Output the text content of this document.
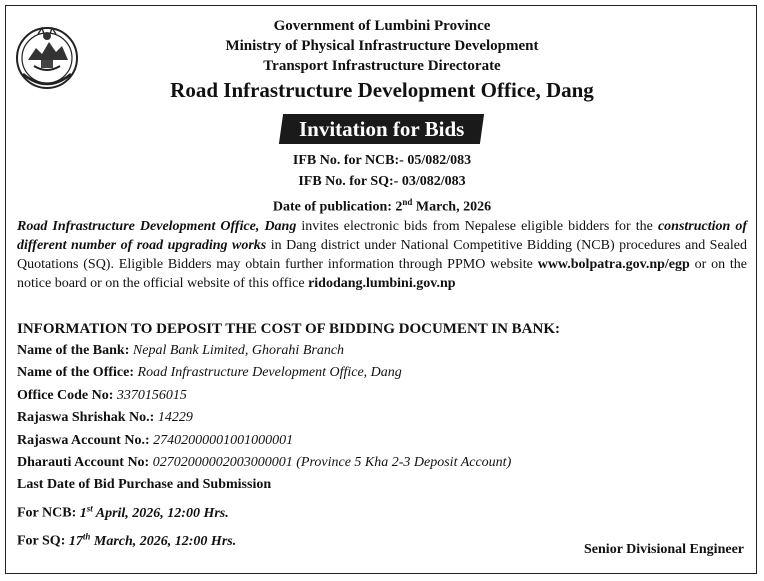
Government of Lumbini Province
Ministry of Physical Infrastructure Development
Transport Infrastructure Directorate
Road Infrastructure Development Office, Dang
Invitation for Bids
IFB No. for NCB:- 05/082/083
IFB No. for SQ:- 03/082/083
Date of publication: 2nd March, 2026

Road Infrastructure Development Office, Dang invites electronic bids from Nepalese eligible bidders for the construction of different number of road upgrading works in Dang district under National Competitive Bidding (NCB) procedures and Sealed Quotations (SQ). Eligible Bidders may obtain further information through PPMO website www.bolpatra.gov.np/egp or on the notice board or on the official website of this office ridodang.lumbini.gov.np
INFORMATION TO DEPOSIT THE COST OF BIDDING DOCUMENT IN BANK:
Name of the Bank: Nepal Bank Limited, Ghorahi Branch
Name of the Office: Road Infrastructure Development Office, Dang
Office Code No: 3370156015
Rajaswa Shrishak No.: 14229
Rajaswa Account No.: 27402000001001000001
Dharauti Account No: 02702000002003000001 (Province 5 Kha 2-3 Deposit Account)
Last Date of Bid Purchase and Submission
For NCB: 1st April, 2026, 12:00 Hrs.
For SQ: 17th March, 2026, 12:00 Hrs.
Senior Divisional Engineer
